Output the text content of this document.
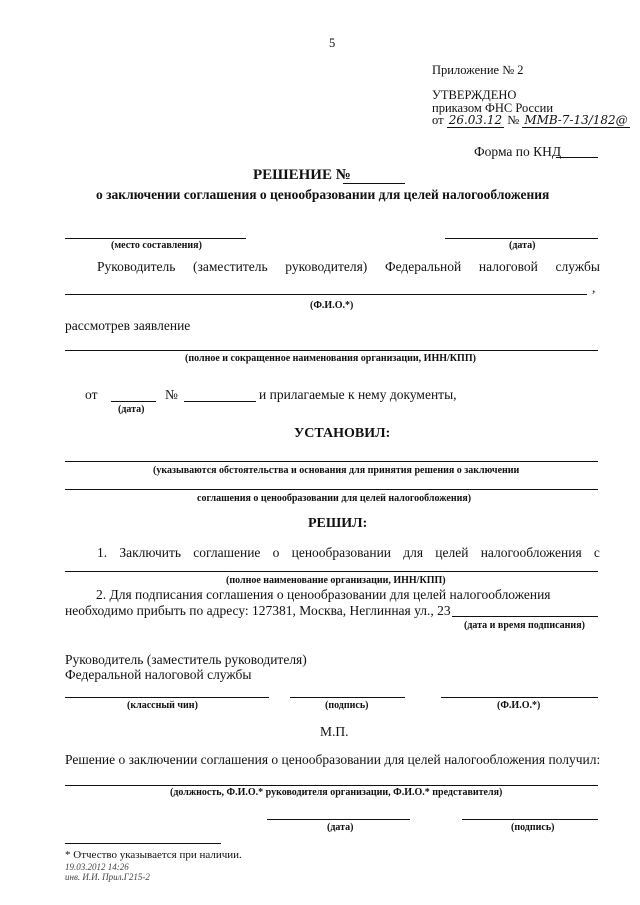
5
Приложение № 2
УТВЕРЖДЕНО
приказом ФНС России
от 26.03.12 № ММВ-7-13/182@
Форма по КНД
РЕШЕНИЕ №
о заключении соглашения о ценообразовании для целей налогообложения
(место составления)	(дата)
Руководитель (заместитель руководителя) Федеральной налоговой службы
,
(Ф.И.О.*)
рассмотрев заявление
(полное и сокращенное наименования организации, ИНН/КПП)
от
(дата)
№	и прилагаемые к нему документы,
УСТАНОВИЛ:
(указываются обстоятельства и основания для принятия решения о заключении
соглашения о ценообразовании для целей налогообложения)
РЕШИЛ:
1. Заключить соглашение о ценообразовании для целей налогообложения с
(полное наименование организации, ИНН/КПП)
2. Для подписания соглашения о ценообразовании для целей налогообложения
необходимо прибыть по адресу: 127381, Москва, Неглинная ул., 23
(дата и время подписания)
Руководитель (заместитель руководителя)
Федеральной налоговой службы
(классный чин)	(подпись)	(Ф.И.О.*)
М.П.
Решение о заключении соглашения о ценообразовании для целей налогообложения получил:
(должность, Ф.И.О.* руководителя организации, Ф.И.О.* представителя)
(дата)	(подпись)
* Отчество указывается при наличии.
19.03.2012 14:26
инв. И.И. Прил.Г215-2
